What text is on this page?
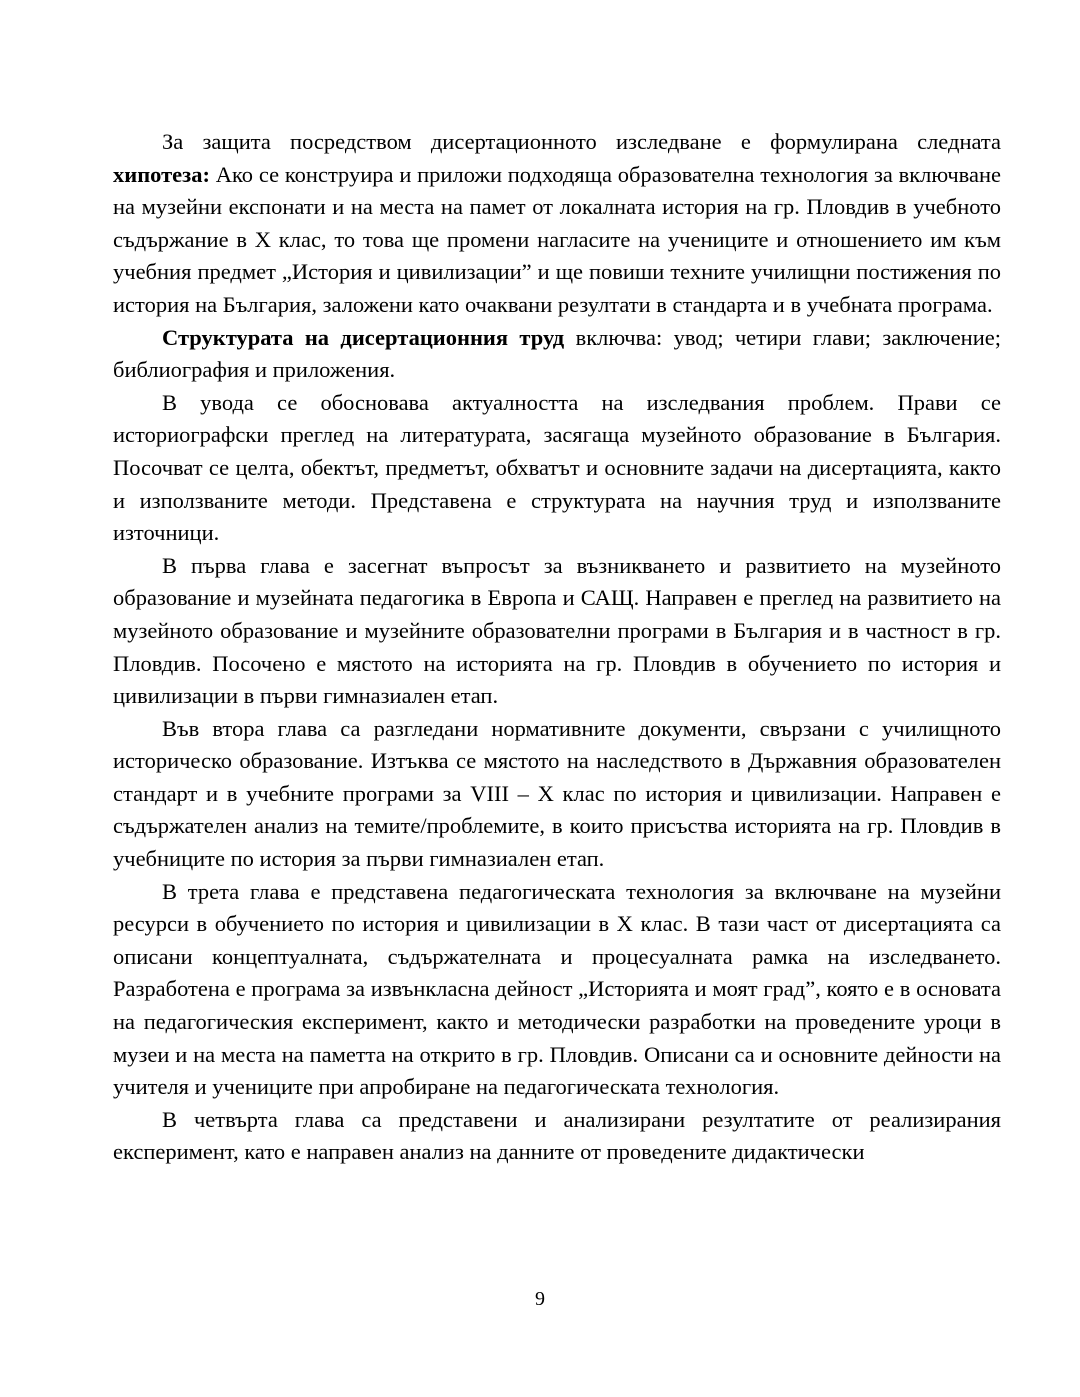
За защита посредством дисертационното изследване е формулирана следната хипотеза: Ако се конструира и приложи подходяща образователна технология за включване на музейни експонати и на места на памет от локалната история на гр. Пловдив в учебното съдържание в X клас, то това ще промени нагласите на учениците и отношението им към учебния предмет „История и цивилизации” и ще повиши техните училищни постижения по история на България, заложени като очаквани резултати в стандарта и в учебната програма.

Структурата на дисертационния труд включва: увод; четири глави; заключение; библиография и приложения.

В увода се обосновава актуалността на изследвания проблем. Прави се историографски преглед на литературата, засягаща музейното образование в България. Посочват се целта, обектът, предметът, обхватът и основните задачи на дисертацията, както и използваните методи. Представена е структурата на научния труд и използваните източници.

В първа глава е засегнат въпросът за възникването и развитието на музейното образование и музейната педагогика в Европа и САЩ. Направен е преглед на развитието на музейното образование и музейните образователни програми в България и в частност в гр. Пловдив. Посочено е мястото на историята на гр. Пловдив в обучението по история и цивилизации в първи гимназиален етап.

Във втора глава са разгледани нормативните документи, свързани с училищното историческо образование. Изтъква се мястото на наследството в Държавния образователен стандарт и в учебните програми за VIII – X клас по история и цивилизации. Направен е съдържателен анализ на темите/проблемите, в които присъства историята на гр. Пловдив в учебниците по история за първи гимназиален етап.

В трета глава е представена педагогическата технология за включване на музейни ресурси в обучението по история и цивилизации в X клас. В тази част от дисертацията са описани концептуалната, съдържателната и процесуалната рамка на изследването. Разработена е програма за извънкласна дейност „Историята и моят град”, която е в основата на педагогическия експеримент, както и методически разработки на проведените уроци в музеи и на места на паметта на открито в гр. Пловдив. Описани са и основните дейности на учителя и учениците при апробиране на педагогическата технология.

В четвърта глава са представени и анализирани резултатите от реализирания експеримент, като е направен анализ на данните от проведените дидактически

9
